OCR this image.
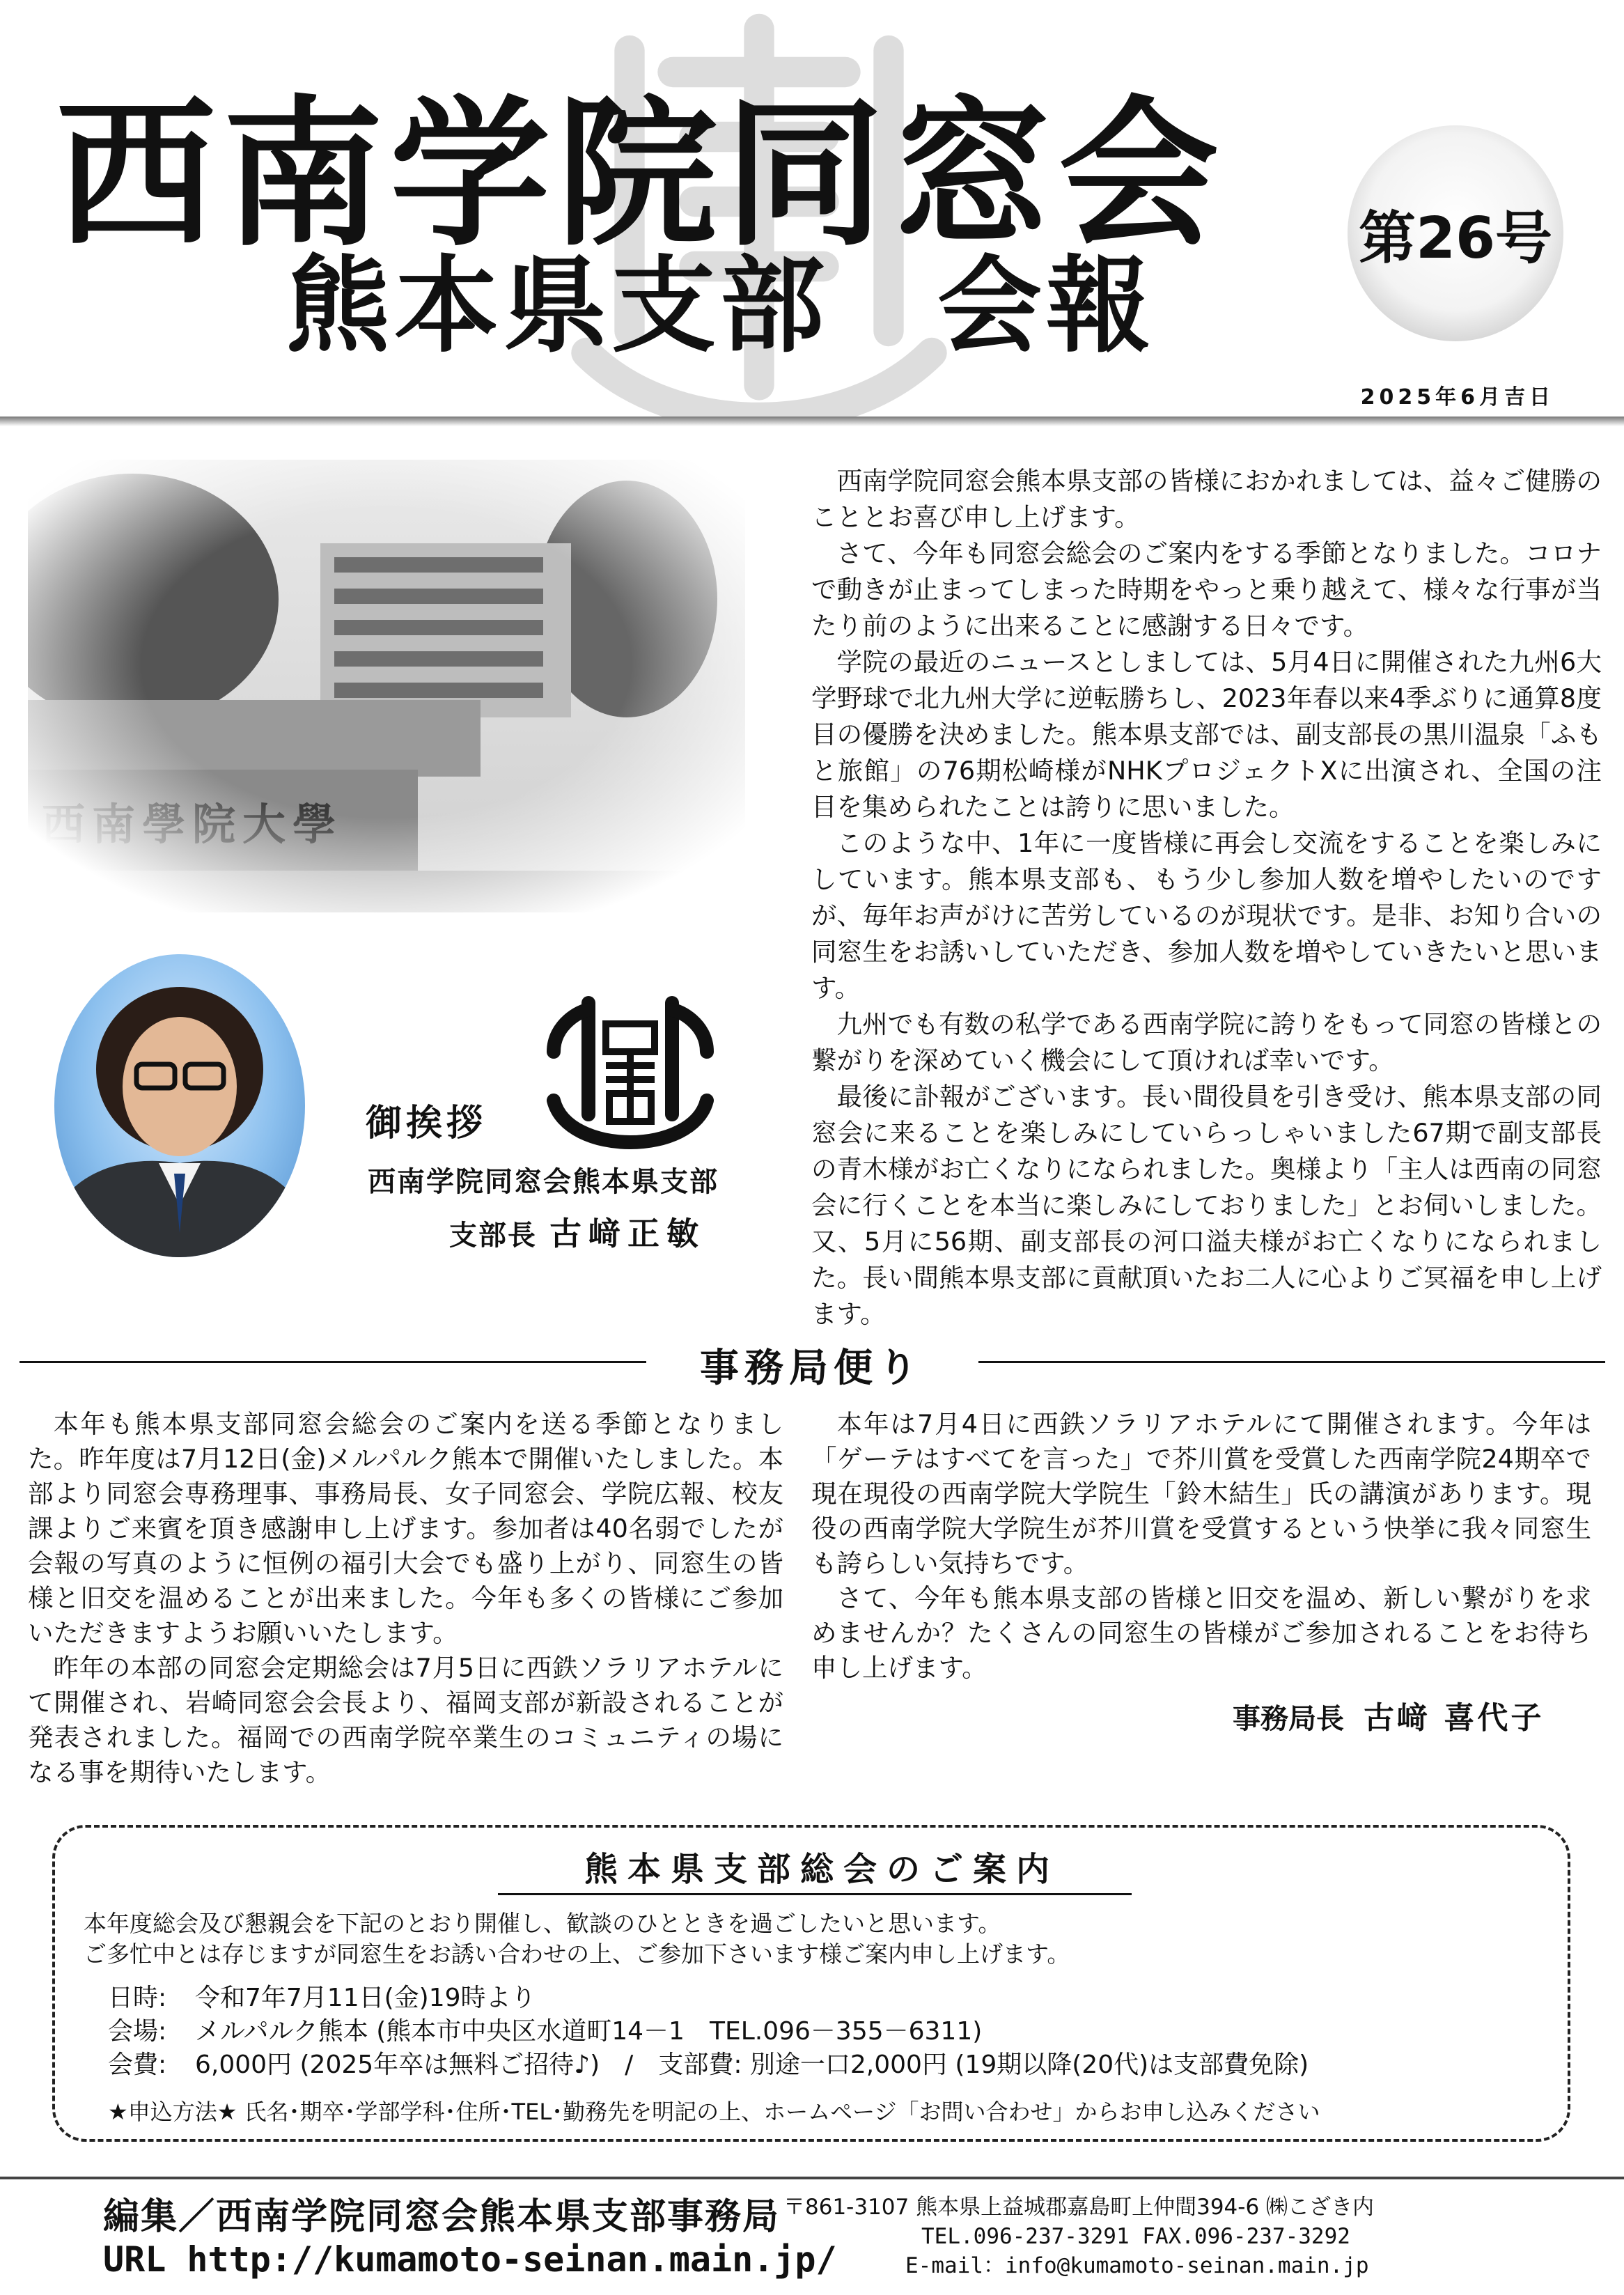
西南学院同窓会
熊本県支部　会報
第26号
2025年6月吉日
御挨拶
西南学院同窓会熊本県支部
支部長 古﨑正敏

西南学院同窓会熊本県支部の皆様におかれましては、益々ご健勝のこととお喜び申し上げます。

さて、今年も同窓会総会のご案内をする季節となりました。コロナで動きが止まってしまった時期をやっと乗り越えて、様々な行事が当たり前のように出来ることに感謝する日々です。

学院の最近のニュースとしましては、5月4日に開催された九州6大学野球で北九州大学に逆転勝ちし、2023年春以来4季ぶりに通算8度目の優勝を決めました。熊本県支部では、副支部長の黒川温泉「ふもと旅館」の76期松崎様がNHKプロジェクトXに出演され、全国の注目を集められたことは誇りに思いました。

このような中、1年に一度皆様に再会し交流をすることを楽しみにしています。熊本県支部も、もう少し参加人数を増やしたいのですが、毎年お声がけに苦労しているのが現状です。是非、お知り合いの同窓生をお誘いしていただき、参加人数を増やしていきたいと思います。

九州でも有数の私学である西南学院に誇りをもって同窓の皆様との繋がりを深めていく機会にして頂ければ幸いです。

最後に訃報がございます。長い間役員を引き受け、熊本県支部の同窓会に来ることを楽しみにしていらっしゃいました67期で副支部長の青木様がお亡くなりになられました。奥様より「主人は西南の同窓会に行くことを本当に楽しみにしておりました」とお伺いしました。又、5月に56期、副支部長の河口溢夫様がお亡くなりになられました。長い間熊本県支部に貢献頂いたお二人に心よりご冥福を申し上げます。

事務局便り

本年も熊本県支部同窓会総会のご案内を送る季節となりました。昨年度は7月12日(金)メルパルク熊本で開催いたしました。本部より同窓会専務理事、事務局長、女子同窓会、学院広報、校友課よりご来賓を頂き感謝申し上げます。参加者は40名弱でしたが会報の写真のように恒例の福引大会でも盛り上がり、同窓生の皆様と旧交を温めることが出来ました。今年も多くの皆様にご参加いただきますようお願いいたします。

昨年の本部の同窓会定期総会は7月5日に西鉄ソラリアホテルにて開催され、岩崎同窓会会長より、福岡支部が新設されることが発表されました。福岡での西南学院卒業生のコミュニティの場になる事を期待いたします。

本年は7月4日に西鉄ソラリアホテルにて開催されます。今年は「ゲーテはすべてを言った」で芥川賞を受賞した西南学院24期卒で現在現役の西南学院大学院生「鈴木結生」氏の講演があります。現役の西南学院大学院生が芥川賞を受賞するという快挙に我々同窓生も誇らしい気持ちです。

さて、今年も熊本県支部の皆様と旧交を温め、新しい繋がりを求めませんか？たくさんの同窓生の皆様がご参加されることをお待ち申し上げます。

事務局長 古﨑 喜代子
熊本県支部総会のご案内
本年度総会及び懇親会を下記のとおり開催し、歓談のひとときを過ごしたいと思います。
ご多忙中とは存じますが同窓生をお誘い合わせの上、ご参加下さいます様ご案内申し上げます。
日時: 令和7年7月11日(金)19時より
会場: メルパルク熊本 (熊本市中央区水道町14－1　TEL.096－355－6311)
会費: 6,000円 (2025年卒は無料ご招待♪)　/　支部費: 別途一口2,000円 (19期以降(20代)は支部費免除)
★申込方法★ 氏名･期卒･学部学科･住所･TEL･勤務先を明記の上、ホームページ「お問い合わせ」からお申し込みください
編集／西南学院同窓会熊本県支部事務局
URL http://kumamoto-seinan.main.jp/
〒861-3107 熊本県上益城郡嘉島町上仲間394-6 ㈱こざき内
TEL.096-237-3291 FAX.096-237-3292
E-mail：info@kumamoto-seinan.main.jp
